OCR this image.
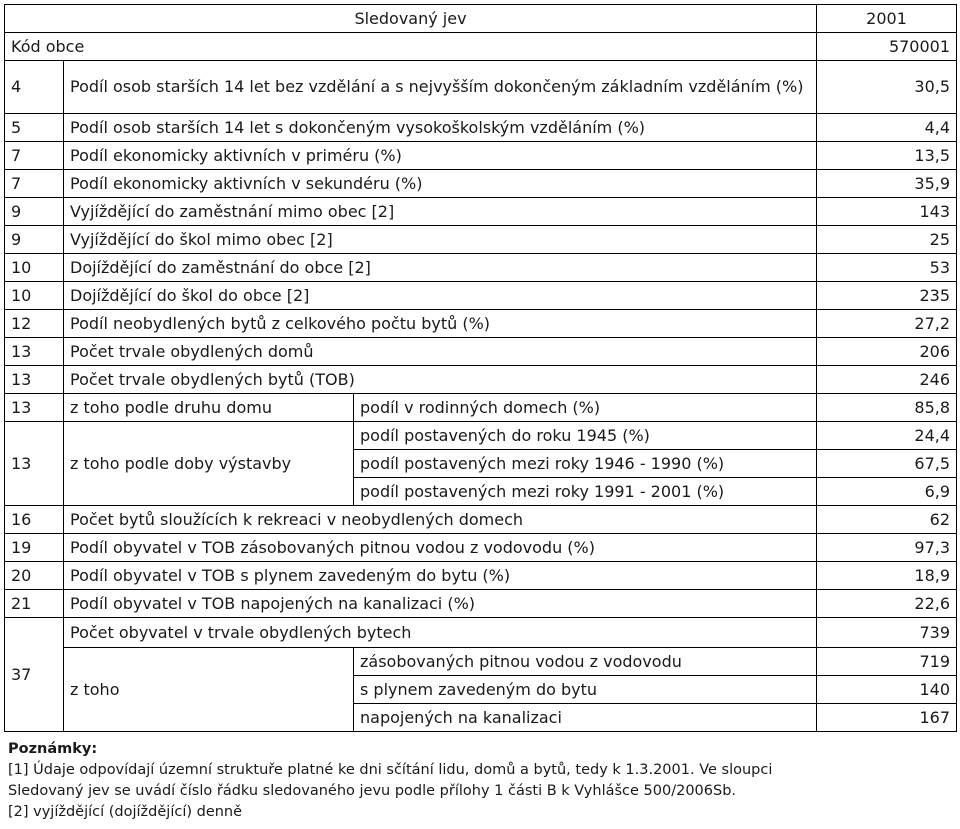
Sledovaný jev			2001
Kód obce			570001
4	Podíl osob starších 14 let bez vzdělání a s nejvyšším dokončeným základním vzděláním (%)		30,5
5	Podíl osob starších 14 let s dokončeným vysokoškolským vzděláním (%)		4,4
7	Podíl ekonomicky aktivních v priméru (%)		13,5
7	Podíl ekonomicky aktivních v sekundéru (%)		35,9
9	Vyjíždějící do zaměstnání mimo obec [2]		143
9	Vyjíždějící do škol mimo obec [2]		25
10	Dojíždějící do zaměstnání do obce [2]		53
10	Dojíždějící do škol do obce [2]		235
12	Podíl neobydlených bytů z celkového počtu bytů (%)		27,2
13	Počet trvale obydlených domů		206
13	Počet trvale obydlených bytů (TOB)		246
13	z toho podle druhu domu	podíl v rodinných domech (%)	85,8
13	z toho podle doby výstavby	podíl postavených do roku 1945 (%)	24,4
		podíl postavených mezi roky 1946 - 1990 (%)	67,5
		podíl postavených mezi roky 1991 - 2001 (%)	6,9
16	Počet bytů sloužících k rekreaci v neobydlených domech		62
19	Podíl obyvatel v TOB zásobovaných pitnou vodou z vodovodu (%)		97,3
20	Podíl obyvatel v TOB s plynem zavedeným do bytu (%)		18,9
21	Podíl obyvatel v TOB napojených na kanalizaci (%)		22,6
37	Počet obyvatel v trvale obydlených bytech		739
	z toho	zásobovaných pitnou vodou z vodovodu	719
		s plynem zavedeným do bytu	140
		napojených na kanalizaci	167
Poznámky:
[1] Údaje odpovídají územní struktuře platné ke dni sčítání lidu, domů a bytů, tedy k 1.3.2001. Ve sloupci
Sledovaný jev se uvádí číslo řádku sledovaného jevu podle přílohy 1 části B k Vyhlášce 500/2006Sb.
[2] vyjíždějící (dojíždějící) denně
